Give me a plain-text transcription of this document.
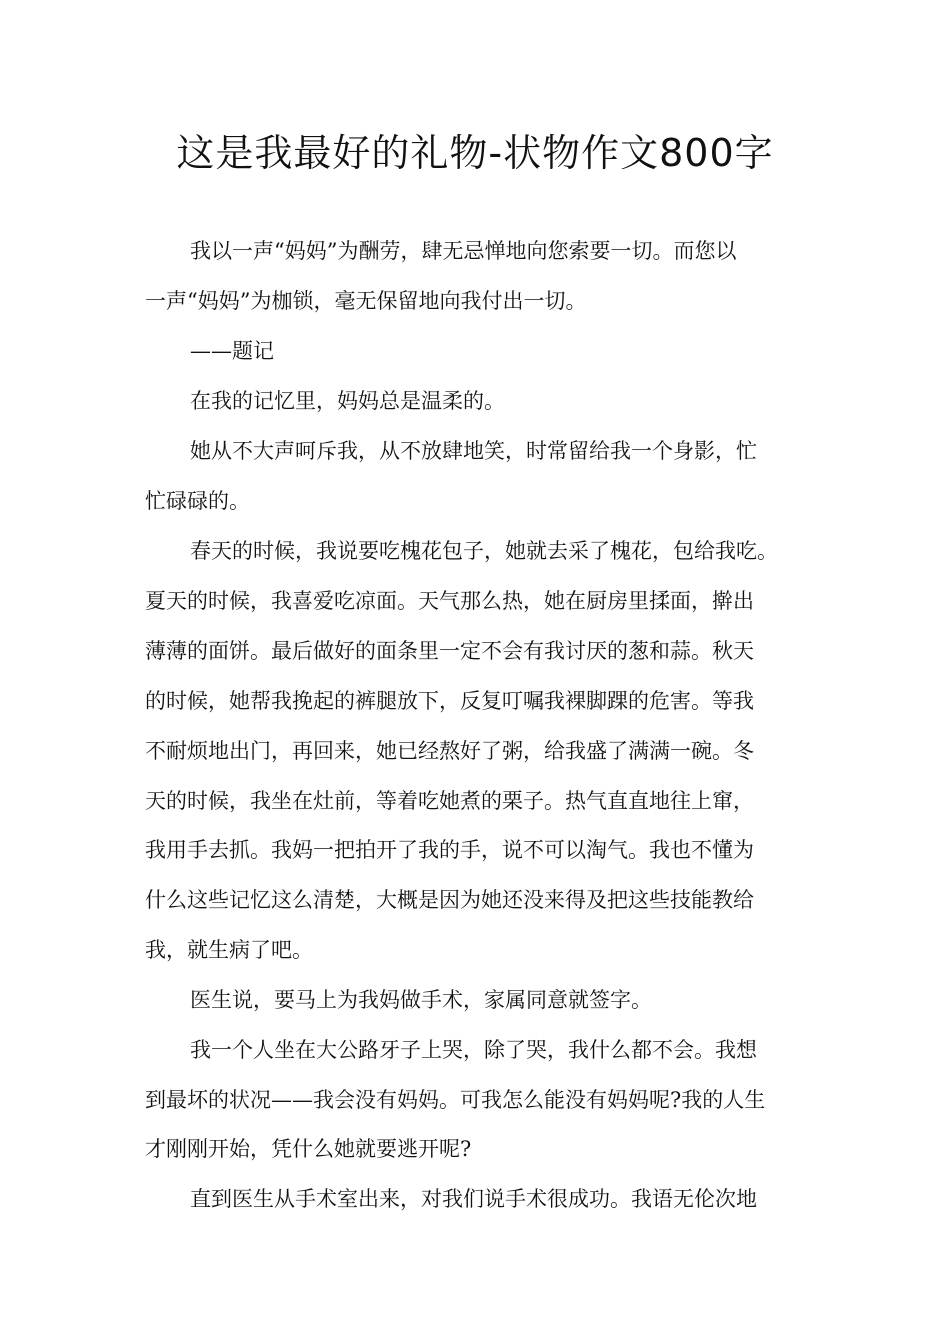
这是我最好的礼物-状物作文800字

我以一声“妈妈”为酬劳，肆无忌惮地向您索要一切。而您以

一声“妈妈”为枷锁，毫无保留地向我付出一切。

——题记

在我的记忆里，妈妈总是温柔的。

她从不大声呵斥我，从不放肆地笑，时常留给我一个身影，忙

忙碌碌的。

春天的时候，我说要吃槐花包子，她就去采了槐花，包给我吃。

夏天的时候，我喜爱吃凉面。天气那么热，她在厨房里揉面，擀出

薄薄的面饼。最后做好的面条里一定不会有我讨厌的葱和蒜。秋天

的时候，她帮我挽起的裤腿放下，反复叮嘱我裸脚踝的危害。等我

不耐烦地出门，再回来，她已经熬好了粥，给我盛了满满一碗。冬

天的时候，我坐在灶前，等着吃她煮的栗子。热气直直地往上窜，

我用手去抓。我妈一把拍开了我的手，说不可以淘气。我也不懂为

什么这些记忆这么清楚，大概是因为她还没来得及把这些技能教给

我，就生病了吧。

医生说，要马上为我妈做手术，家属同意就签字。

我一个人坐在大公路牙子上哭，除了哭，我什么都不会。我想

到最坏的状况——我会没有妈妈。可我怎么能没有妈妈呢?我的人生

才刚刚开始，凭什么她就要逃开呢?

直到医生从手术室出来，对我们说手术很成功。我语无伦次地
